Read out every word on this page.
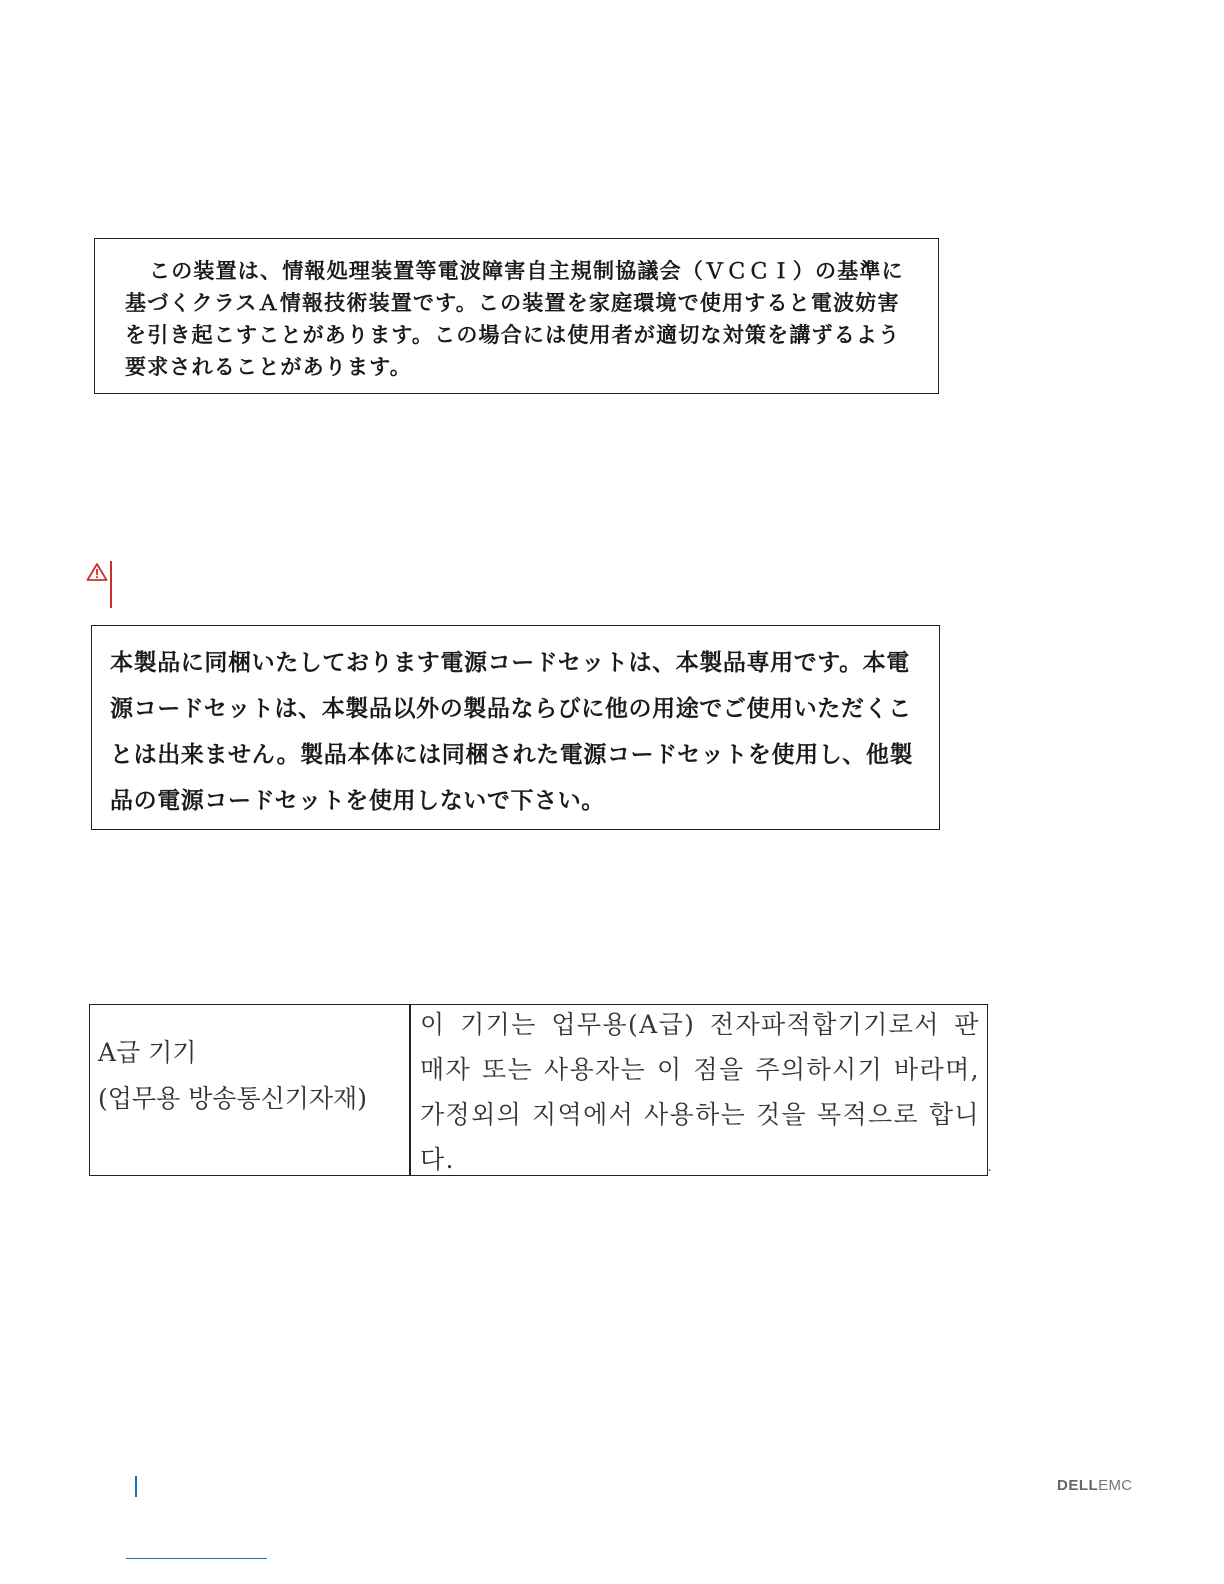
この装置は、情報処理装置等電波障害自主規制協議会（ＶＣＣＩ）の基準に基づくクラスＡ情報技術装置です。この装置を家庭環境で使用すると電波妨害を引き起こすことがあります。この場合には使用者が適切な対策を講ずるよう要求されることがあります。

本製品に同梱いたしております電源コードセットは、本製品専用です。本電源コードセットは、本製品以外の製品ならびに他の用途でご使用いただくことは出来ません。製品本体には同梱された電源コードセットを使用し、他製品の電源コードセットを使用しないで下さい。

A급 기기
(업무용 방송통신기자재)
이 기기는 업무용(A급) 전자파적합기기로서 판매자 또는 사용자는 이 점을 주의하시기 바라며, 가정외의 지역에서 사용하는 것을 목적으로 합니다.	.
DELLEMC
